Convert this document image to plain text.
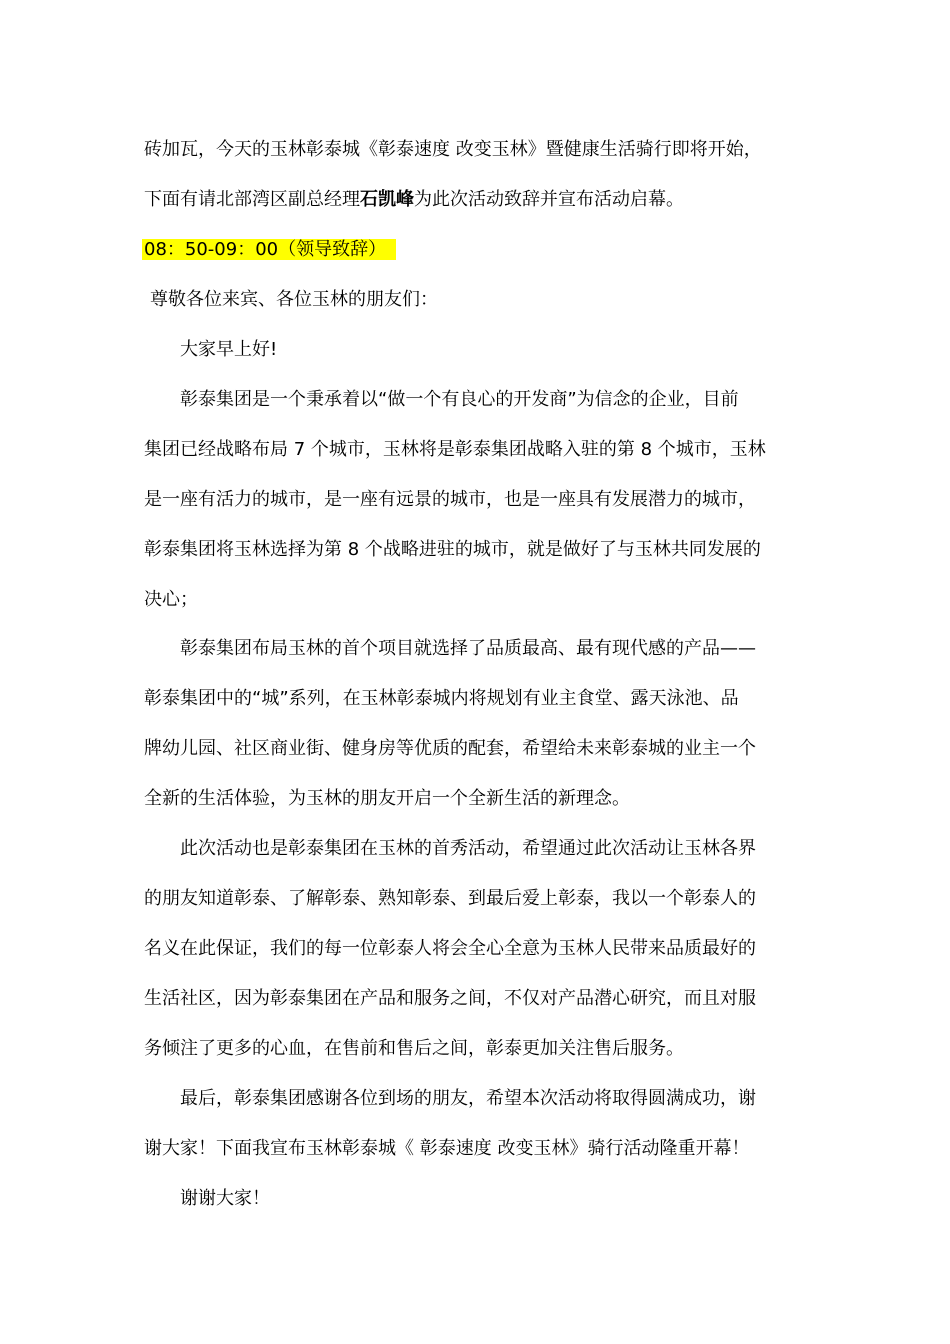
砖加瓦，今天的玉林彰泰城《彰泰速度 改变玉林》暨健康生活骑行即将开始，
下面有请北部湾区副总经理石凯峰为此次活动致辞并宣布活动启幕。
08：50-09：00（领导致辞）
尊敬各位来宾、各位玉林的朋友们：
大家早上好!
彰泰集团是一个秉承着以“做一个有良心的开发商”为信念的企业，目前
集团已经战略布局 7 个城市，玉林将是彰泰集团战略入驻的第 8 个城市，玉林
是一座有活力的城市，是一座有远景的城市，也是一座具有发展潜力的城市，
彰泰集团将玉林选择为第 8 个战略进驻的城市，就是做好了与玉林共同发展的
决心；
彰泰集团布局玉林的首个项目就选择了品质最高、最有现代感的产品——
彰泰集团中的“城”系列，在玉林彰泰城内将规划有业主食堂、露天泳池、品
牌幼儿园、社区商业街、健身房等优质的配套，希望给未来彰泰城的业主一个
全新的生活体验，为玉林的朋友开启一个全新生活的新理念。
此次活动也是彰泰集团在玉林的首秀活动，希望通过此次活动让玉林各界
的朋友知道彰泰、了解彰泰、熟知彰泰、到最后爱上彰泰，我以一个彰泰人的
名义在此保证，我们的每一位彰泰人将会全心全意为玉林人民带来品质最好的
生活社区，因为彰泰集团在产品和服务之间，不仅对产品潜心研究，而且对服
务倾注了更多的心血，在售前和售后之间，彰泰更加关注售后服务。
最后，彰泰集团感谢各位到场的朋友，希望本次活动将取得圆满成功，谢
谢大家！下面我宣布玉林彰泰城《 彰泰速度 改变玉林》骑行活动隆重开幕！
谢谢大家！
